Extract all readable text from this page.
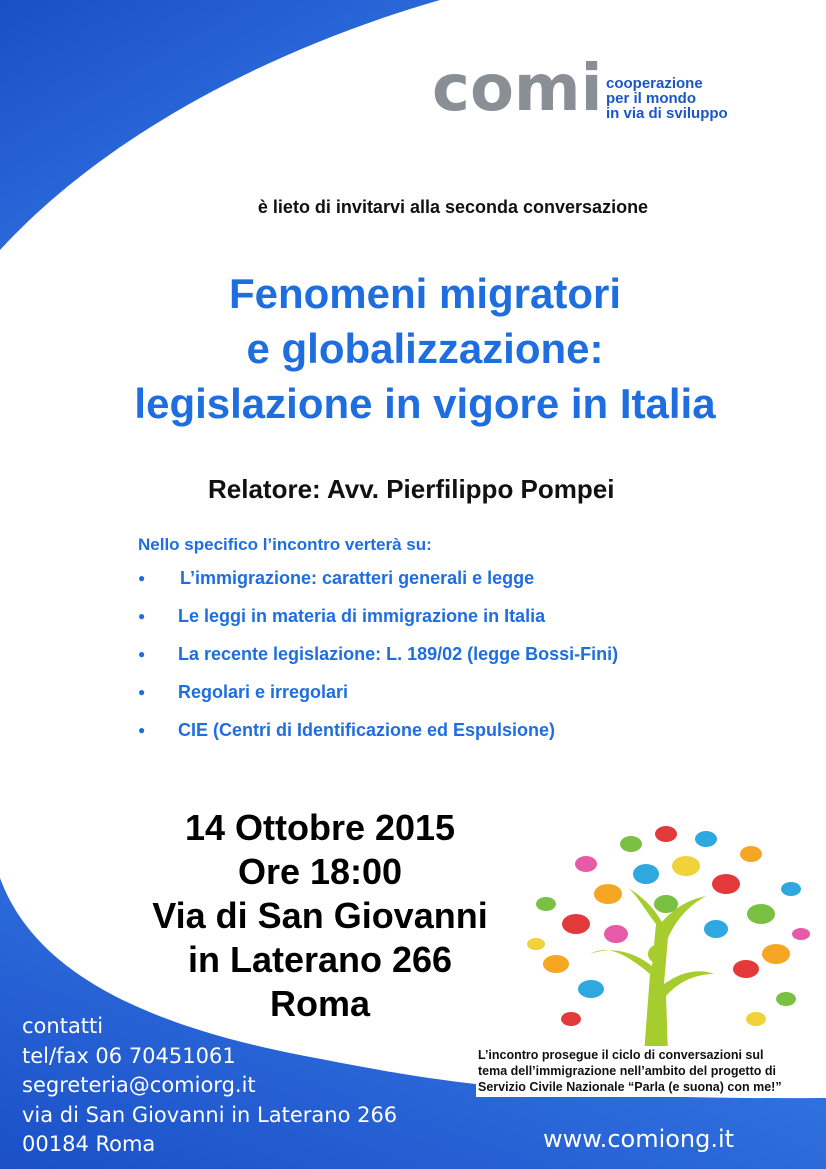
comi cooperazione
per il mondo
in via di sviluppo
è lieto di invitarvi alla seconda conversazione
Fenomeni migratori
e globalizzazione:
legislazione in vigore in Italia
Relatore: Avv. Pierfilippo Pompei
Nello specifico l’incontro verterà su:
● L’immigrazione: caratteri generali e legge
● Le leggi in materia di immigrazione in Italia
● La recente legislazione: L. 189/02 (legge Bossi-Fini)
● Regolari e irregolari
● CIE (Centri di Identificazione ed Espulsione)
14 Ottobre 2015
Ore 18:00
Via di San Giovanni
in Laterano 266
Roma
contatti
tel/fax 06 70451061
segreteria@comiorg.it
via di San Giovanni in Laterano 266
00184 Roma
L’incontro prosegue il ciclo di conversazioni sul
tema dell’immigrazione nell’ambito del progetto di
Servizio Civile Nazionale “Parla (e suona) con me!”
www.comiong.it
